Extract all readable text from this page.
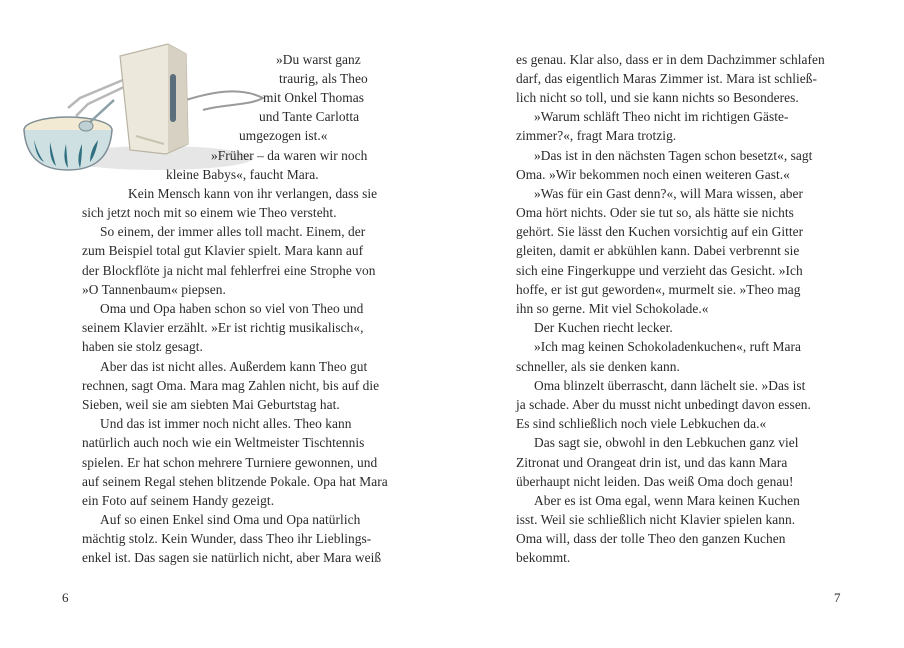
»Du warst ganz
traurig, als Theo
mit Onkel Thomas
und Tante Carlotta
umgezogen ist.«
»Früher – da waren wir noch
kleine Babys«, faucht Mara.
Kein Mensch kann von ihr verlangen, dass sie
sich jetzt noch mit so einem wie Theo versteht.
So einem, der immer alles toll macht. Einem, der
zum Beispiel total gut Klavier spielt. Mara kann auf
der Blockflöte ja nicht mal fehlerfrei eine Strophe von
»O Tannenbaum« piepsen.
Oma und Opa haben schon so viel von Theo und
seinem Klavier erzählt. »Er ist richtig musikalisch«,
haben sie stolz gesagt.
Aber das ist nicht alles. Außerdem kann Theo gut
rechnen, sagt Oma. Mara mag Zahlen nicht, bis auf die
Sieben, weil sie am siebten Mai Geburtstag hat.
Und das ist immer noch nicht alles. Theo kann
natürlich auch noch wie ein Weltmeister Tischtennis
spielen. Er hat schon mehrere Turniere gewonnen, und
auf seinem Regal stehen blitzende Pokale. Opa hat Mara
ein Foto auf seinem Handy gezeigt.
Auf so einen Enkel sind Oma und Opa natürlich
mächtig stolz. Kein Wunder, dass Theo ihr Lieblings-
enkel ist. Das sagen sie natürlich nicht, aber Mara weiß
6
es genau. Klar also, dass er in dem Dachzimmer schlafen
darf, das eigentlich Maras Zimmer ist. Mara ist schließ-
lich nicht so toll, und sie kann nichts so Besonderes.
»Warum schläft Theo nicht im richtigen Gäste-
zimmer?«, fragt Mara trotzig.
»Das ist in den nächsten Tagen schon besetzt«, sagt
Oma. »Wir bekommen noch einen weiteren Gast.«
»Was für ein Gast denn?«, will Mara wissen, aber
Oma hört nichts. Oder sie tut so, als hätte sie nichts
gehört. Sie lässt den Kuchen vorsichtig auf ein Gitter
gleiten, damit er abkühlen kann. Dabei verbrennt sie
sich eine Fingerkuppe und verzieht das Gesicht. »Ich
hoffe, er ist gut geworden«, murmelt sie. »Theo mag
ihn so gerne. Mit viel Schokolade.«
Der Kuchen riecht lecker.
»Ich mag keinen Schokoladenkuchen«, ruft Mara
schneller, als sie denken kann.
Oma blinzelt überrascht, dann lächelt sie. »Das ist
ja schade. Aber du musst nicht unbedingt davon essen.
Es sind schließlich noch viele Lebkuchen da.«
Das sagt sie, obwohl in den Lebkuchen ganz viel
Zitronat und Orangeat drin ist, und das kann Mara
überhaupt nicht leiden. Das weiß Oma doch genau!
Aber es ist Oma egal, wenn Mara keinen Kuchen
isst. Weil sie schließlich nicht Klavier spielen kann.
Oma will, dass der tolle Theo den ganzen Kuchen
bekommt.
7
